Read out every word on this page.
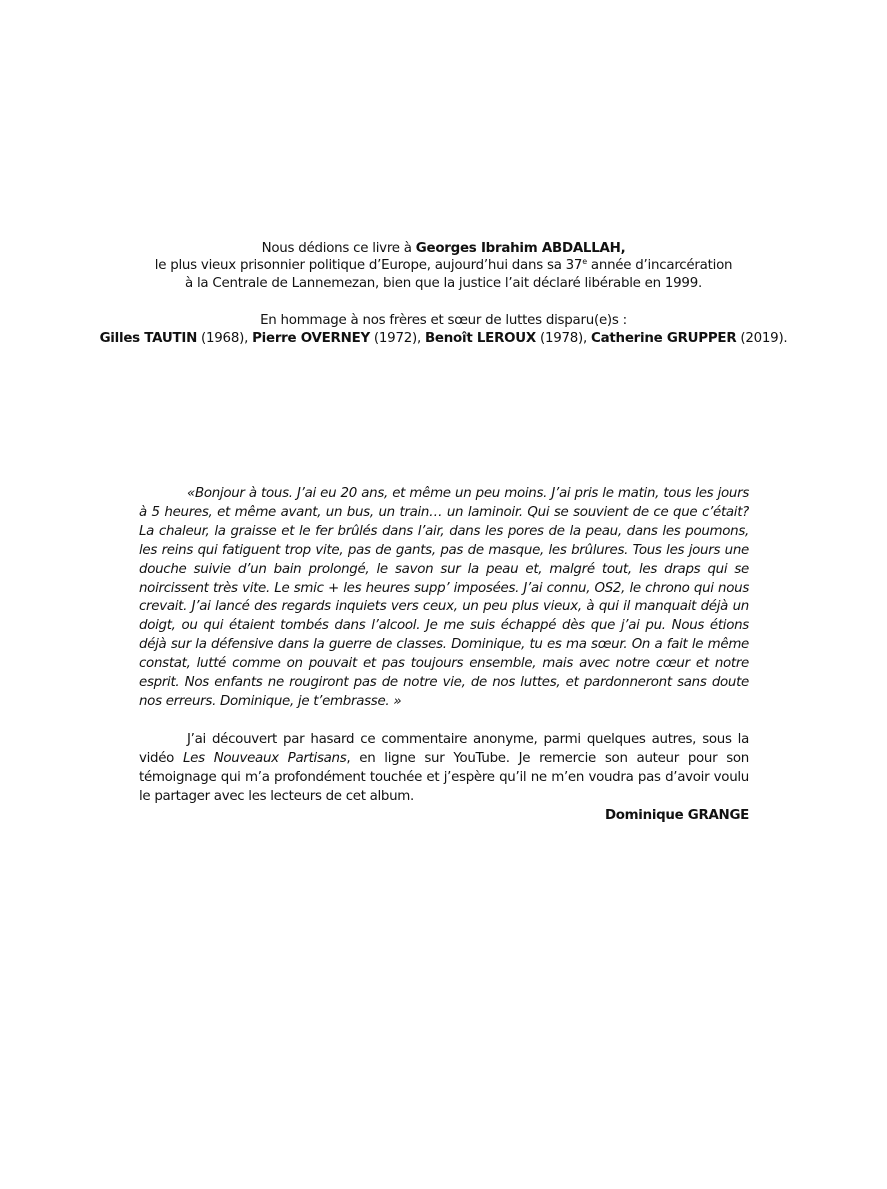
Nous dédions ce livre à Georges Ibrahim ABDALLAH,

le plus vieux prisonnier politique d’Europe, aujourd’hui dans sa 37e année d’incarcération

à la Centrale de Lannemezan, bien que la justice l’ait déclaré libérable en 1999.

En hommage à nos frères et sœur de luttes disparu(e)s :

Gilles TAUTIN (1968), Pierre OVERNEY (1972), Benoît LEROUX (1978), Catherine GRUPPER (2019).

«Bonjour à tous. J’ai eu 20 ans, et même un peu moins. J’ai pris le matin, tous les jours à 5 heures, et même avant, un bus, un train… un laminoir. Qui se souvient de ce que c’était? La chaleur, la graisse et le fer brûlés dans l’air, dans les pores de la peau, dans les poumons, les reins qui fatiguent trop vite, pas de gants, pas de masque, les brûlures. Tous les jours une douche suivie d’un bain prolongé, le savon sur la peau et, malgré tout, les draps qui se noircissent très vite. Le smic + les heures supp’ imposées. J’ai connu, OS2, le chrono qui nous crevait. J’ai lancé des regards inquiets vers ceux, un peu plus vieux, à qui il manquait déjà un doigt, ou qui étaient tombés dans l’alcool. Je me suis échappé dès que j’ai pu. Nous étions déjà sur la défensive dans la guerre de classes. Dominique, tu es ma sœur. On a fait le même constat, lutté comme on pouvait et pas toujours ensemble, mais avec notre cœur et notre esprit. Nos enfants ne rougiront pas de notre vie, de nos luttes, et pardonneront sans doute nos erreurs. Dominique, je t’embrasse. »

J’ai découvert par hasard ce commentaire anonyme, parmi quelques autres, sous la vidéo Les Nouveaux Partisans, en ligne sur YouTube. Je remercie son auteur pour son témoignage qui m’a profondément touchée et j’espère qu’il ne m’en voudra pas d’avoir voulu le partager avec les lecteurs de cet album.

Dominique GRANGE
